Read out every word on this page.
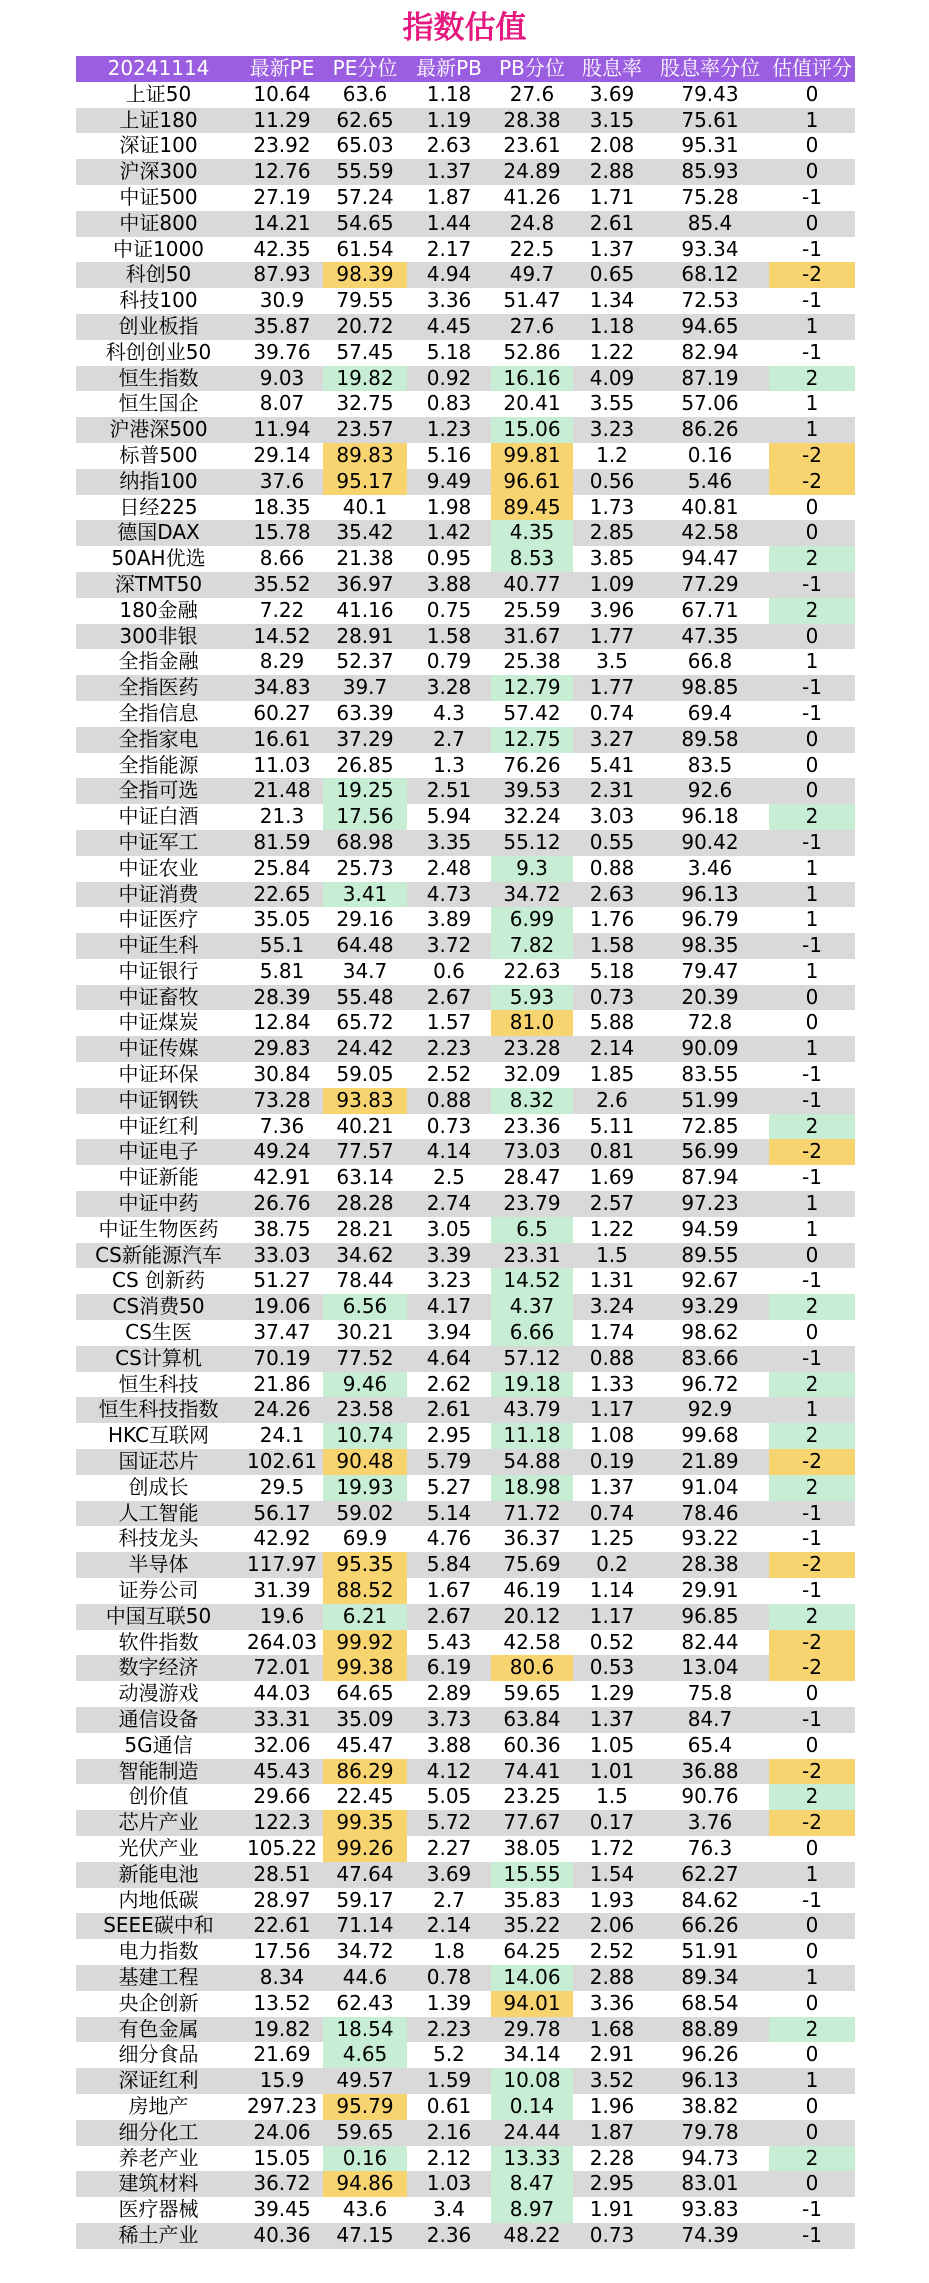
指数估值
20241114	最新PE	PE分位	最新PB	PB分位	股息率	股息率分位	估值评分
上证50	10.64	63.6	1.18	27.6	3.69	79.43	0
上证180	11.29	62.65	1.19	28.38	3.15	75.61	1
深证100	23.92	65.03	2.63	23.61	2.08	95.31	0
沪深300	12.76	55.59	1.37	24.89	2.88	85.93	0
中证500	27.19	57.24	1.87	41.26	1.71	75.28	-1
中证800	14.21	54.65	1.44	24.8	2.61	85.4	0
中证1000	42.35	61.54	2.17	22.5	1.37	93.34	-1
科创50	87.93	98.39	4.94	49.7	0.65	68.12	-2
科技100	30.9	79.55	3.36	51.47	1.34	72.53	-1
创业板指	35.87	20.72	4.45	27.6	1.18	94.65	1
科创创业50	39.76	57.45	5.18	52.86	1.22	82.94	-1
恒生指数	9.03	19.82	0.92	16.16	4.09	87.19	2
恒生国企	8.07	32.75	0.83	20.41	3.55	57.06	1
沪港深500	11.94	23.57	1.23	15.06	3.23	86.26	1
标普500	29.14	89.83	5.16	99.81	1.2	0.16	-2
纳指100	37.6	95.17	9.49	96.61	0.56	5.46	-2
日经225	18.35	40.1	1.98	89.45	1.73	40.81	0
德国DAX	15.78	35.42	1.42	4.35	2.85	42.58	0
50AH优选	8.66	21.38	0.95	8.53	3.85	94.47	2
深TMT50	35.52	36.97	3.88	40.77	1.09	77.29	-1
180金融	7.22	41.16	0.75	25.59	3.96	67.71	2
300非银	14.52	28.91	1.58	31.67	1.77	47.35	0
全指金融	8.29	52.37	0.79	25.38	3.5	66.8	1
全指医药	34.83	39.7	3.28	12.79	1.77	98.85	-1
全指信息	60.27	63.39	4.3	57.42	0.74	69.4	-1
全指家电	16.61	37.29	2.7	12.75	3.27	89.58	0
全指能源	11.03	26.85	1.3	76.26	5.41	83.5	0
全指可选	21.48	19.25	2.51	39.53	2.31	92.6	0
中证白酒	21.3	17.56	5.94	32.24	3.03	96.18	2
中证军工	81.59	68.98	3.35	55.12	0.55	90.42	-1
中证农业	25.84	25.73	2.48	9.3	0.88	3.46	1
中证消费	22.65	3.41	4.73	34.72	2.63	96.13	1
中证医疗	35.05	29.16	3.89	6.99	1.76	96.79	1
中证生科	55.1	64.48	3.72	7.82	1.58	98.35	-1
中证银行	5.81	34.7	0.6	22.63	5.18	79.47	1
中证畜牧	28.39	55.48	2.67	5.93	0.73	20.39	0
中证煤炭	12.84	65.72	1.57	81.0	5.88	72.8	0
中证传媒	29.83	24.42	2.23	23.28	2.14	90.09	1
中证环保	30.84	59.05	2.52	32.09	1.85	83.55	-1
中证钢铁	73.28	93.83	0.88	8.32	2.6	51.99	-1
中证红利	7.36	40.21	0.73	23.36	5.11	72.85	2
中证电子	49.24	77.57	4.14	73.03	0.81	56.99	-2
中证新能	42.91	63.14	2.5	28.47	1.69	87.94	-1
中证中药	26.76	28.28	2.74	23.79	2.57	97.23	1
中证生物医药	38.75	28.21	3.05	6.5	1.22	94.59	1
CS新能源汽车	33.03	34.62	3.39	23.31	1.5	89.55	0
CS 创新药	51.27	78.44	3.23	14.52	1.31	92.67	-1
CS消费50	19.06	6.56	4.17	4.37	3.24	93.29	2
CS生医	37.47	30.21	3.94	6.66	1.74	98.62	0
CS计算机	70.19	77.52	4.64	57.12	0.88	83.66	-1
恒生科技	21.86	9.46	2.62	19.18	1.33	96.72	2
恒生科技指数	24.26	23.58	2.61	43.79	1.17	92.9	1
HKC互联网	24.1	10.74	2.95	11.18	1.08	99.68	2
国证芯片	102.61	90.48	5.79	54.88	0.19	21.89	-2
创成长	29.5	19.93	5.27	18.98	1.37	91.04	2
人工智能	56.17	59.02	5.14	71.72	0.74	78.46	-1
科技龙头	42.92	69.9	4.76	36.37	1.25	93.22	-1
半导体	117.97	95.35	5.84	75.69	0.2	28.38	-2
证券公司	31.39	88.52	1.67	46.19	1.14	29.91	-1
中国互联50	19.6	6.21	2.67	20.12	1.17	96.85	2
软件指数	264.03	99.92	5.43	42.58	0.52	82.44	-2
数字经济	72.01	99.38	6.19	80.6	0.53	13.04	-2
动漫游戏	44.03	64.65	2.89	59.65	1.29	75.8	0
通信设备	33.31	35.09	3.73	63.84	1.37	84.7	-1
5G通信	32.06	45.47	3.88	60.36	1.05	65.4	0
智能制造	45.43	86.29	4.12	74.41	1.01	36.88	-2
创价值	29.66	22.45	5.05	23.25	1.5	90.76	2
芯片产业	122.3	99.35	5.72	77.67	0.17	3.76	-2
光伏产业	105.22	99.26	2.27	38.05	1.72	76.3	0
新能电池	28.51	47.64	3.69	15.55	1.54	62.27	1
内地低碳	28.97	59.17	2.7	35.83	1.93	84.62	-1
SEEE碳中和	22.61	71.14	2.14	35.22	2.06	66.26	0
电力指数	17.56	34.72	1.8	64.25	2.52	51.91	0
基建工程	8.34	44.6	0.78	14.06	2.88	89.34	1
央企创新	13.52	62.43	1.39	94.01	3.36	68.54	0
有色金属	19.82	18.54	2.23	29.78	1.68	88.89	2
细分食品	21.69	4.65	5.2	34.14	2.91	96.26	0
深证红利	15.9	49.57	1.59	10.08	3.52	96.13	1
房地产	297.23	95.79	0.61	0.14	1.96	38.82	0
细分化工	24.06	59.65	2.16	24.44	1.87	79.78	0
养老产业	15.05	0.16	2.12	13.33	2.28	94.73	2
建筑材料	36.72	94.86	1.03	8.47	2.95	83.01	0
医疗器械	39.45	43.6	3.4	8.97	1.91	93.83	-1
稀土产业	40.36	47.15	2.36	48.22	0.73	74.39	-1
